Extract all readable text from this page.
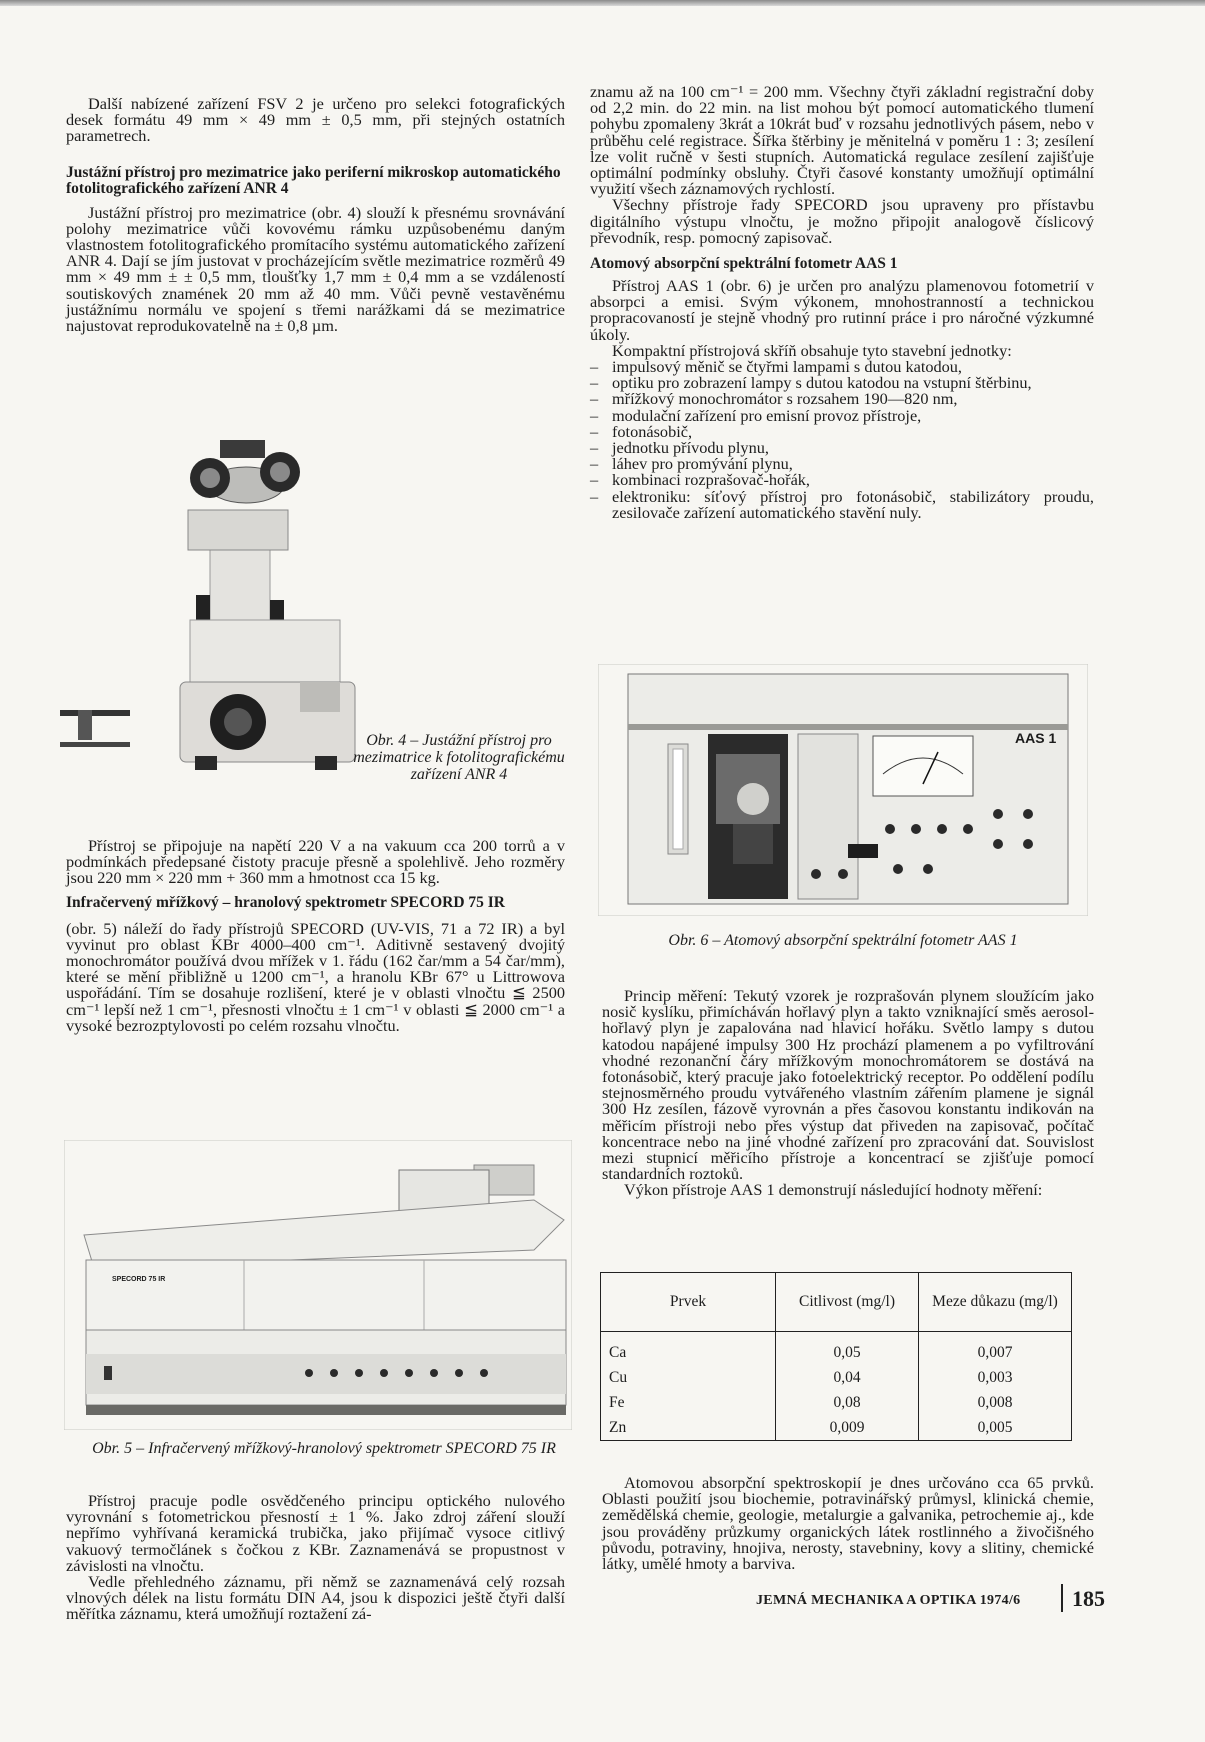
Další nabízené zařízení FSV 2 je určeno pro selekci fotografických desek formátu 49 mm × 49 mm ± 0,5 mm, při stejných ostatních parametrech.

Justážní přístroj pro mezimatrice jako periferní mikroskop automatického fotolitografického zařízení ANR 4

Justážní přístroj pro mezimatrice (obr. 4) slouží k přesnému srovnávání polohy mezimatrice vůči kovovému rámku uzpůsobenému daným vlastnostem fotolitografického promítacího systému automatického zařízení ANR 4. Dají se jím justovat v procházejícím světle mezimatrice rozměrů 49 mm × 49 mm ± ± 0,5 mm, tloušťky 1,7 mm ± 0,4 mm a se vzdáleností soutiskových znamének 20 mm až 40 mm. Vůči pevně vestavěnému justážnímu normálu ve spojení s třemi narážkami dá se mezimatrice najustovat reprodukovatelně na ± 0,8 µm.

Obr. 4 – Justážní přístroj pro mezimatrice k fotolitografickému zařízení ANR 4

Přístroj se připojuje na napětí 220 V a na vakuum cca 200 torrů a v podmínkách předepsané čistoty pracuje přesně a spolehlivě. Jeho rozměry jsou 220 mm × 220 mm + 360 mm a hmotnost cca 15 kg.

Infračervený mřížkový – hranolový spektrometr SPECORD 75 IR

(obr. 5) náleží do řady přístrojů SPECORD (UV-VIS, 71 a 72 IR) a byl vyvinut pro oblast KBr 4000–400 cm⁻¹. Aditivně sestavený dvojitý monochromátor používá dvou mřížek v 1. řádu (162 čar/mm a 54 čar/mm), které se mění přibližně u 1200 cm⁻¹, a hranolu KBr 67° u Littrowova uspořádání. Tím se dosahuje rozlišení, které je v oblasti vlnočtu ≦ 2500 cm⁻¹ lepší než 1 cm⁻¹, přesnosti vlnočtu ± 1 cm⁻¹ v oblasti ≦ 2000 cm⁻¹ a vysoké bezrozptylovosti po celém rozsahu vlnočtu.

SPECORD 75 IR
Obr. 5 – Infračervený mřížkový-hranolový spektrometr SPECORD 75 IR

Přístroj pracuje podle osvědčeného principu optického nulového vyrovnání s fotometrickou přesností ± 1 %. Jako zdroj záření slouží nepřímo vyhřívaná keramická trubička, jako přijímač vysoce citlivý vakuový termočlánek s čočkou z KBr. Zaznamenává se propustnost v závislosti na vlnočtu.

Vedle přehledného záznamu, při němž se zaznamenává celý rozsah vlnových délek na listu formátu DIN A4, jsou k dispozici ještě čtyři další měřítka záznamu, která umožňují roztažení zá-

znamu až na 100 cm⁻¹ = 200 mm. Všechny čtyři základní registrační doby od 2,2 min. do 22 min. na list mohou být pomocí automatického tlumení pohybu zpomaleny 3krát a 10krát buď v rozsahu jednotlivých pásem, nebo v průběhu celé registrace. Šířka štěrbiny je měnitelná v poměru 1 : 3; zesílení lze volit ručně v šesti stupních. Automatická regulace zesílení zajišťuje optimální podmínky obsluhy. Čtyři časové konstanty umožňují optimální využití všech záznamových rychlostí.

Všechny přístroje řady SPECORD jsou upraveny pro přístavbu digitálního výstupu vlnočtu, je možno připojit analogově číslicový převodník, resp. pomocný zapisovač.

Atomový absorpční spektrální fotometr AAS 1

Přístroj AAS 1 (obr. 6) je určen pro analýzu plamenovou fotometrií v absorpci a emisi. Svým výkonem, mnohostranností a technickou propracovaností je stejně vhodný pro rutinní práce i pro náročné výzkumné úkoly.

Kompaktní přístrojová skříň obsahuje tyto stavební jednotky:

– impulsový měnič se čtyřmi lampami s dutou katodou,
– optiku pro zobrazení lampy s dutou katodou na vstupní štěrbinu,
– mřížkový monochromátor s rozsahem 190—820 nm,
– modulační zařízení pro emisní provoz přístroje,
– fotonásobič,
– jednotku přívodu plynu,
– láhev pro promývání plynu,
– kombinaci rozprašovač-hořák,
– elektroniku: síťový přístroj pro fotonásobič, stabilizátory proudu, zesilovače zařízení automatického stavění nuly.
AAS 1
Obr. 6 – Atomový absorpční spektrální fotometr AAS 1

Princip měření: Tekutý vzorek je rozprašován plynem sloužícím jako nosič kyslíku, přimícháván hořlavý plyn a takto vzniknající směs aerosol-hořlavý plyn je zapalována nad hlavicí hořáku. Světlo lampy s dutou katodou napájené impulsy 300 Hz prochází plamenem a po vyfiltrování vhodné rezonanční čáry mřížkovým monochromátorem se dostává na fotonásobič, který pracuje jako fotoelektrický receptor. Po oddělení podílu stejnosměrného proudu vytvářeného vlastním zářením plamene je signál 300 Hz zesílen, fázově vyrovnán a přes časovou konstantu indikován na měřicím přístroji nebo přes výstup dat přiveden na zapisovač, počítač koncentrace nebo na jiné vhodné zařízení pro zpracování dat. Souvislost mezi stupnicí měřicího přístroje a koncentrací se zjišťuje pomocí standardních roztoků.

Výkon přístroje AAS 1 demonstrují následující hodnoty měření:

Prvek	Citlivost (mg/l)	Meze důkazu (mg/l)
Ca	0,05	0,007
Cu	0,04	0,003
Fe	0,08	0,008
Zn	0,009	0,005

Atomovou absorpční spektroskopií je dnes určováno cca 65 prvků. Oblasti použití jsou biochemie, potravinářský průmysl, klinická chemie, zemědělská chemie, geologie, metalurgie a galvanika, petrochemie aj., kde jsou prováděny průzkumy organických látek rostlinného a živočišného původu, potraviny, hnojiva, nerosty, stavebniny, kovy a slitiny, chemické látky, umělé hmoty a barviva.

JEMNÁ MECHANIKA A OPTIKA 1974/6 185
